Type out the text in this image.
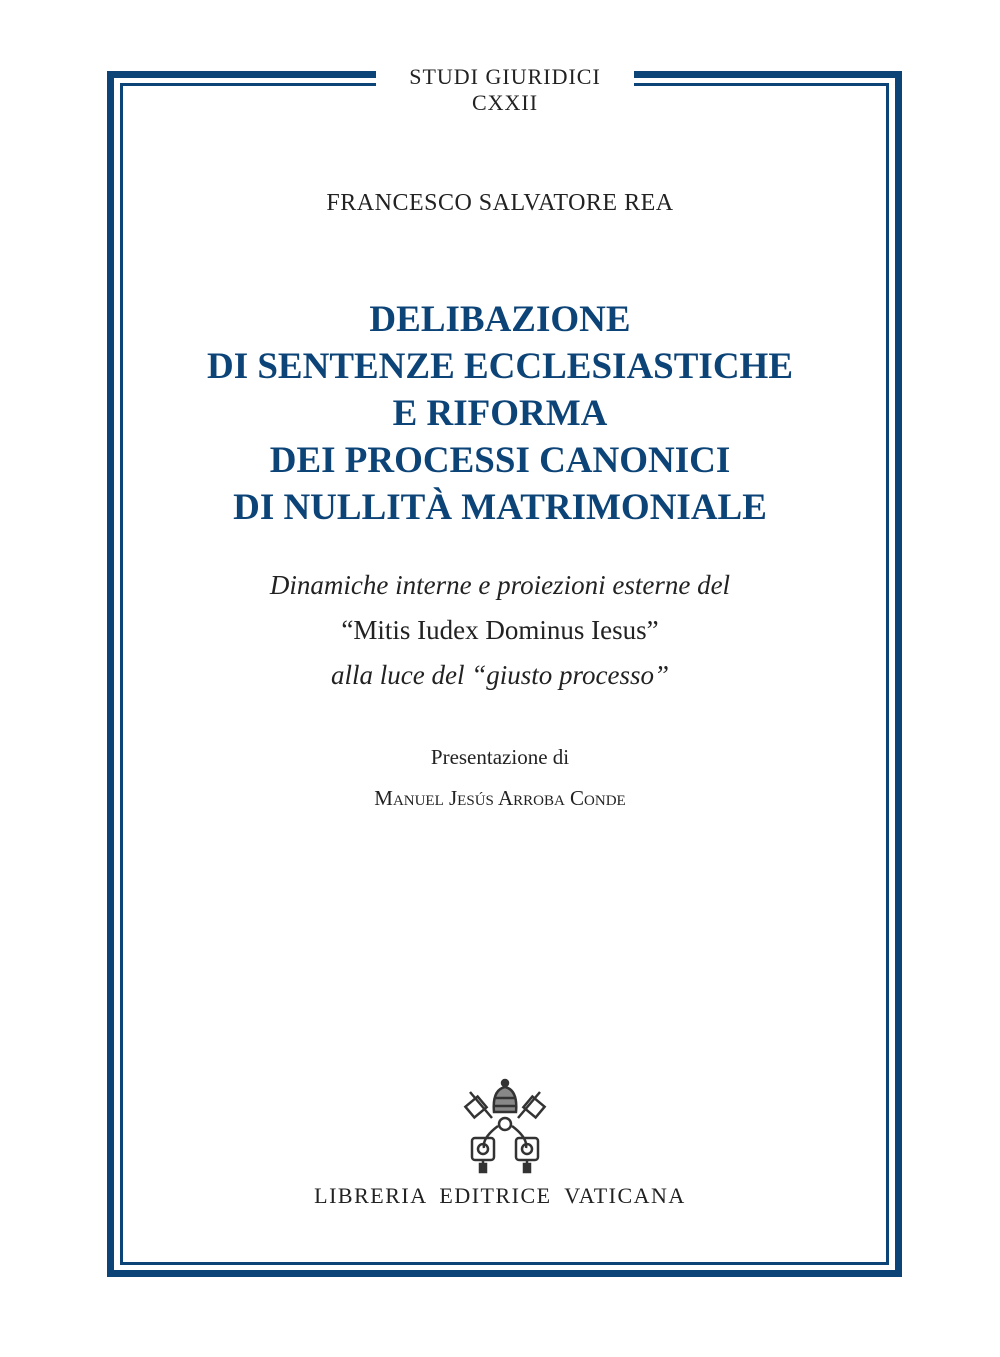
STUDI GIURIDICI
CXXII
FRANCESCO SALVATORE REA
DELIBAZIONE
DI SENTENZE ECCLESIASTICHE
E RIFORMA
DEI PROCESSI CANONICI
DI NULLITÀ MATRIMONIALE
Dinamiche interne e proiezioni esterne del
“Mitis Iudex Dominus Iesus”
alla luce del “giusto processo”
Presentazione di
Manuel Jesús Arroba Conde
LIBRERIA EDITRICE VATICANA
